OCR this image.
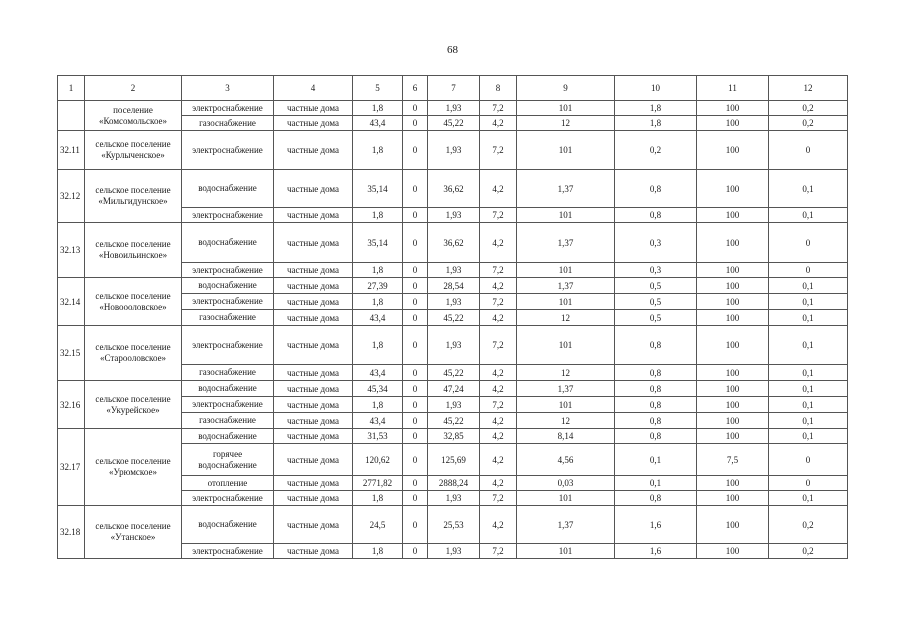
68
1	2	3	4	5	6	7	8	9	10	11	12
	поселение «Комсомольское»	электроснабжение	частные дома	1,8	0	1,93	7,2	101	1,8	100	0,2
		газоснабжение	частные дома	43,4	0	45,22	4,2	12	1,8	100	0,2
32.11	сельское поселение «Курлыченское»	электроснабжение	частные дома	1,8	0	1,93	7,2	101	0,2	100	0
32.12	сельское поселение «Мильгидунское»	водоснабжение	частные дома	35,14	0	36,62	4,2	1,37	0,8	100	0,1
		электроснабжение	частные дома	1,8	0	1,93	7,2	101	0,8	100	0,1
32.13	сельское поселение «Новоильинское»	водоснабжение	частные дома	35,14	0	36,62	4,2	1,37	0,3	100	0
		электроснабжение	частные дома	1,8	0	1,93	7,2	101	0,3	100	0
32.14	сельское поселение «Новоооловское»	водоснабжение	частные дома	27,39	0	28,54	4,2	1,37	0,5	100	0,1
		электроснабжение	частные дома	1,8	0	1,93	7,2	101	0,5	100	0,1
		газоснабжение	частные дома	43,4	0	45,22	4,2	12	0,5	100	0,1
32.15	сельское поселение «Староoловское»	электроснабжение	частные дома	1,8	0	1,93	7,2	101	0,8	100	0,1
		газоснабжение	частные дома	43,4	0	45,22	4,2	12	0,8	100	0,1
32.16	сельское поселение «Укурейское»	водоснабжение	частные дома	45,34	0	47,24	4,2	1,37	0,8	100	0,1
		электроснабжение	частные дома	1,8	0	1,93	7,2	101	0,8	100	0,1
		газоснабжение	частные дома	43,4	0	45,22	4,2	12	0,8	100	0,1
32.17	сельское поселение «Урюмское»	водоснабжение	частные дома	31,53	0	32,85	4,2	8,14	0,8	100	0,1
		горячее водоснабжение	частные дома	120,62	0	125,69	4,2	4,56	0,1	7,5	0
		отопление	частные дома	2771,82	0	2888,24	4,2	0,03	0,1	100	0
		электроснабжение	частные дома	1,8	0	1,93	7,2	101	0,8	100	0,1
32.18	сельское поселение «Утанское»	водоснабжение	частные дома	24,5	0	25,53	4,2	1,37	1,6	100	0,2
		электроснабжение	частные дома	1,8	0	1,93	7,2	101	1,6	100	0,2
